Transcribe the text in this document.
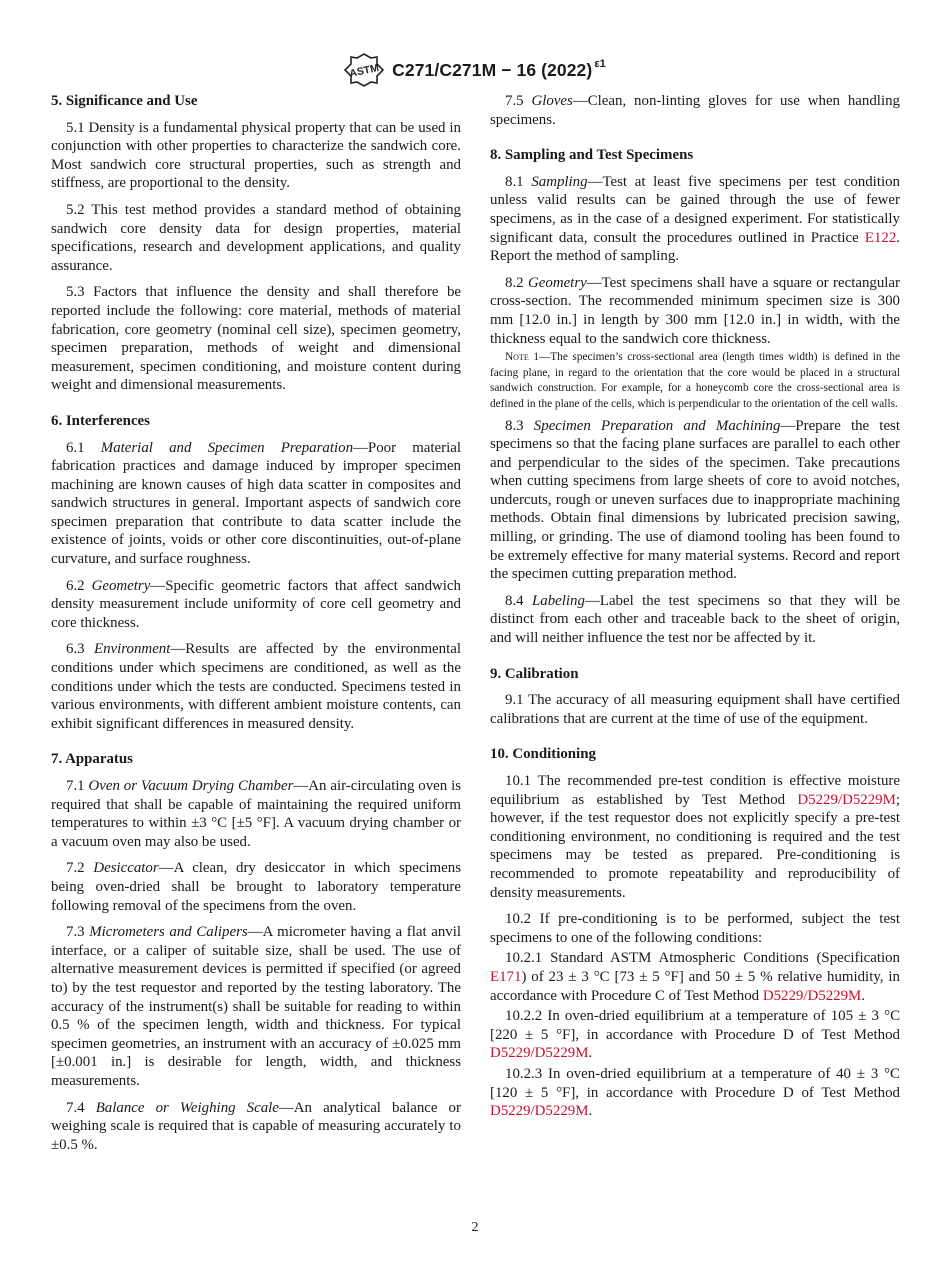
ASTM C271/C271M − 16 (2022) $^{\varepsilon 1}$
5. Significance and Use

5.1 Density is a fundamental physical property that can be used in conjunction with other properties to characterize the sandwich core. Most sandwich core structural properties, such as strength and stiffness, are proportional to the density.

5.2 This test method provides a standard method of obtaining sandwich core density data for design properties, material specifications, research and development applications, and quality assurance.

5.3 Factors that influence the density and shall therefore be reported include the following: core material, methods of material fabrication, core geometry (nominal cell size), specimen geometry, specimen preparation, methods of weight and dimensional measurement, specimen conditioning, and moisture content during weight and dimensional measurements.

6. Interferences

6.1 Material and Specimen Preparation—Poor material fabrication practices and damage induced by improper specimen machining are known causes of high data scatter in composites and sandwich structures in general. Important aspects of sandwich core specimen preparation that contribute to data scatter include the existence of joints, voids or other core discontinuities, out-of-plane curvature, and surface roughness.

6.2 Geometry—Specific geometric factors that affect sandwich density measurement include uniformity of core cell geometry and core thickness.

6.3 Environment—Results are affected by the environmental conditions under which specimens are conditioned, as well as the conditions under which the tests are conducted. Specimens tested in various environments, with different ambient moisture contents, can exhibit significant differences in measured density.

7. Apparatus

7.1 Oven or Vacuum Drying Chamber—An air-circulating oven is required that shall be capable of maintaining the required uniform temperatures to within ±3 °C [±5 °F]. A vacuum drying chamber or a vacuum oven may also be used.

7.2 Desiccator—A clean, dry desiccator in which specimens being oven-dried shall be brought to laboratory temperature following removal of the specimens from the oven.

7.3 Micrometers and Calipers—A micrometer having a flat anvil interface, or a caliper of suitable size, shall be used. The use of alternative measurement devices is permitted if specified (or agreed to) by the test requestor and reported by the testing laboratory. The accuracy of the instrument(s) shall be suitable for reading to within 0.5 % of the specimen length, width and thickness. For typical specimen geometries, an instrument with an accuracy of ±0.025 mm [±0.001 in.] is desirable for length, width, and thickness measurements.

7.4 Balance or Weighing Scale—An analytical balance or weighing scale is required that is capable of measuring accurately to ±0.5 %.

7.5 Gloves—Clean, non-linting gloves for use when handling specimens.

8. Sampling and Test Specimens

8.1 Sampling—Test at least five specimens per test condition unless valid results can be gained through the use of fewer specimens, as in the case of a designed experiment. For statistically significant data, consult the procedures outlined in Practice E122. Report the method of sampling.

8.2 Geometry—Test specimens shall have a square or rectangular cross-section. The recommended minimum specimen size is 300 mm [12.0 in.] in length by 300 mm [12.0 in.] in width, with the thickness equal to the sandwich core thickness.

Note 1—The specimen’s cross-sectional area (length times width) is defined in the facing plane, in regard to the orientation that the core would be placed in a structural sandwich construction. For example, for a honeycomb core the cross-sectional area is defined in the plane of the cells, which is perpendicular to the orientation of the cell walls.

8.3 Specimen Preparation and Machining—Prepare the test specimens so that the facing plane surfaces are parallel to each other and perpendicular to the sides of the specimen. Take precautions when cutting specimens from large sheets of core to avoid notches, undercuts, rough or uneven surfaces due to inappropriate machining methods. Obtain final dimensions by lubricated precision sawing, milling, or grinding. The use of diamond tooling has been found to be extremely effective for many material systems. Record and report the specimen cutting preparation method.

8.4 Labeling—Label the test specimens so that they will be distinct from each other and traceable back to the sheet of origin, and will neither influence the test nor be affected by it.

9. Calibration

9.1 The accuracy of all measuring equipment shall have certified calibrations that are current at the time of use of the equipment.

10. Conditioning

10.1 The recommended pre-test condition is effective moisture equilibrium as established by Test Method D5229/D5229M; however, if the test requestor does not explicitly specify a pre-test conditioning environment, no conditioning is required and the test specimens may be tested as prepared. Pre-conditioning is recommended to promote repeatability and reproducibility of density measurements.

10.2 If pre-conditioning is to be performed, subject the test specimens to one of the following conditions:

10.2.1 Standard ASTM Atmospheric Conditions (Specification E171) of 23 ± 3 °C [73 ± 5 °F] and 50 ± 5 % relative humidity, in accordance with Procedure C of Test Method D5229/D5229M.

10.2.2 In oven-dried equilibrium at a temperature of 105 ± 3 °C [220 ± 5 °F], in accordance with Procedure D of Test Method D5229/D5229M.

10.2.3 In oven-dried equilibrium at a temperature of 40 ± 3 °C [120 ± 5 °F], in accordance with Procedure D of Test Method D5229/D5229M.

2
